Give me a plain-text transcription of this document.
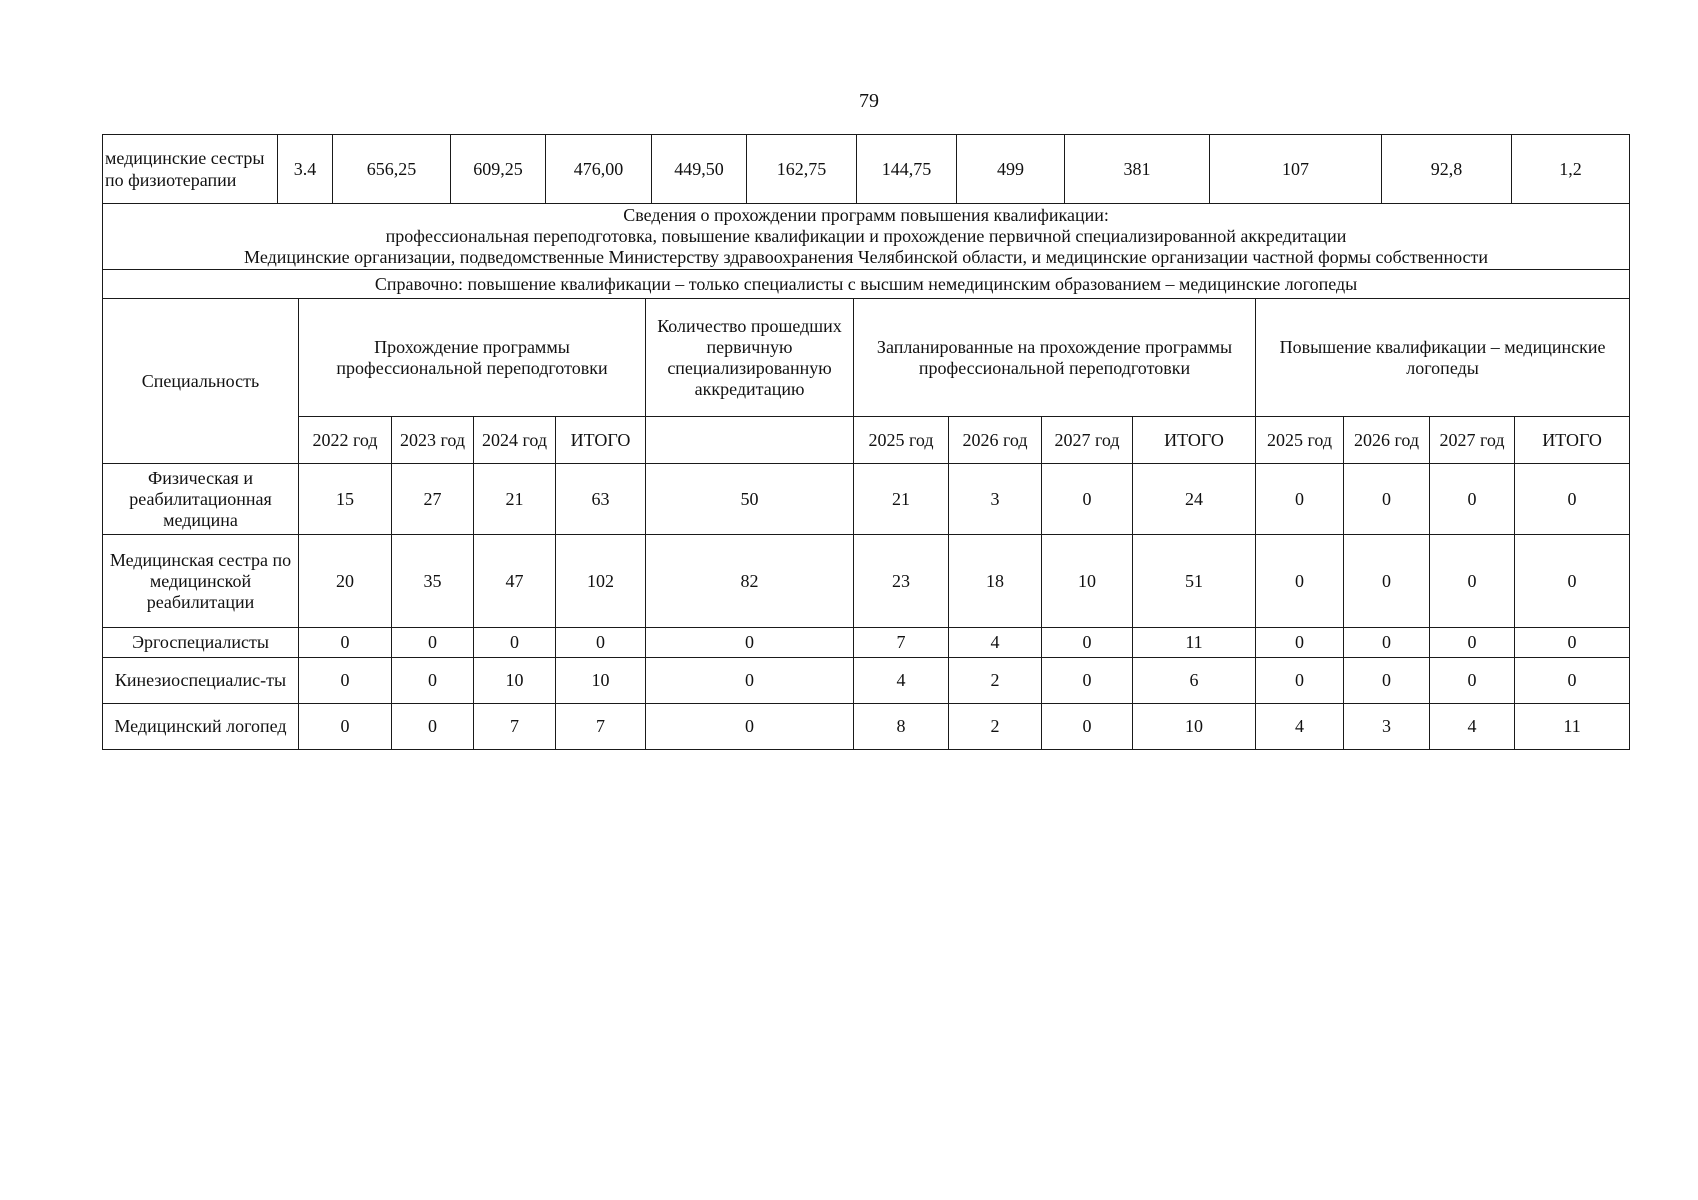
79
медицинские сестры по физиотерапии	3.4	656,25	609,25	476,00	449,50	162,75	144,75	499	381	107	92,8	1,2
Сведения о прохождении программ повышения квалификации:
профессиональная переподготовка, повышение квалификации и прохождение первичной специализированной аккредитации
Медицинские организации, подведомственные Министерству здравоохранения Челябинской области, и медицинские организации частной формы собственности													

Справочно: повышение квалификации – только специалисты с высшим немедицинским образованием – медицинские логопеды													
Специальность	Прохождение программы профессиональной переподготовки				Количество прошедших первичную специализированную аккредитацию	Запланированные на прохождение программы профессиональной переподготовки				Повышение квалификации – медицинские логопеды			
	2022 год	2023 год	2024 год	ИТОГО		2025 год	2026 год	2027 год	ИТОГО	2025 год	2026 год	2027 год	ИТОГО
Физическая и реабилитационная медицина	15	27	21	63	50	21	3	0	24	0	0	0	0
Медицинская сестра по медицинской реабилитации	20	35	47	102	82	23	18	10	51	0	0	0	0
Эргоспециалисты	0	0	0	0	0	7	4	0	11	0	0	0	0
Кинезиоспециалис-ты	0	0	10	10	0	4	2	0	6	0	0	0	0
Медицинский логопед	0	0	7	7	0	8	2	0	10	4	3	4	11
